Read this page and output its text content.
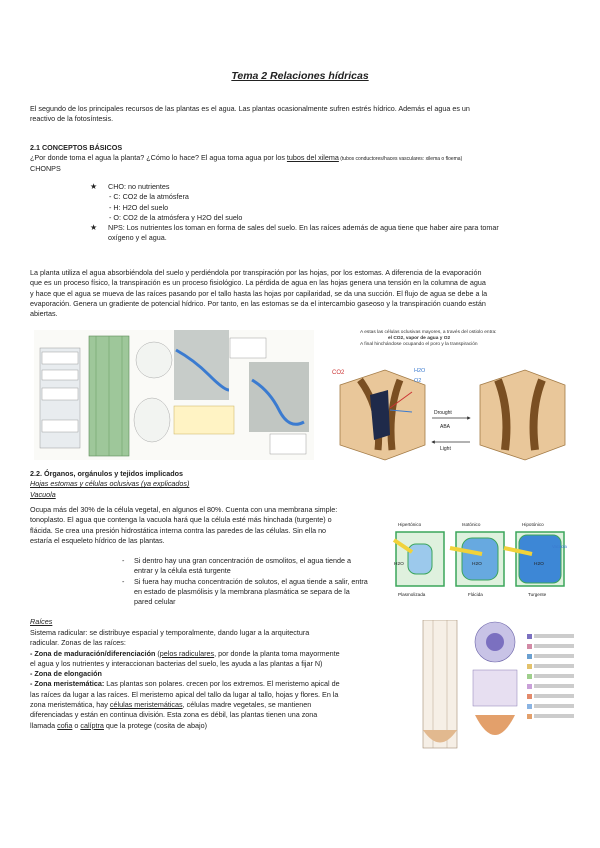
Tema 2 Relaciones hídricas
El segundo de los principales recursos de las plantas es el agua. Las plantas ocasionalmente sufren estrés hídrico. Además el agua es un
reactivo de la fotosíntesis.
2.1 CONCEPTOS BÁSICOS
¿Por donde toma el agua la planta? ¿Cómo lo hace? El agua toma agua por los tubos del xilema (tubos conductores/haces vasculares: xilema o floema)
CHONPS
★ CHO: no nutrientes
- C: CO2 de la atmósfera
- H: H2O del suelo
- O: CO2 de la atmósfera y H2O del suelo
★ NPS: Los nutrientes los toman en forma de sales del suelo. En las raíces además de agua tiene que haber aire para tomar
oxígeno y el agua.
La planta utiliza el agua absorbiéndola del suelo y perdiéndola por transpiración por las hojas, por los estomas. A diferencia de la evaporación
que es un proceso físico, la transpiración es un proceso fisiológico. La pérdida de agua en las hojas genera una tensión en la columna de agua
y hace que el agua se mueva de las raíces pasando por el tallo hasta las hojas por capilaridad, se da una succión. El flujo de agua se debe a la
evaporación. Genera un gradiente de potencial hídrico. Por tanto, en las estomas se da el intercambio gaseoso y la transpiración cuando están
abiertas.
A estas las células oclusivas mayores, a través del ostiolo entra:
el CO2, vapor de agua y O2
A final hinchándose ocupando el poro y la transpiración
CO2	H2O
O2
Drought
ABA
Light
2.2. Órganos, orgánulos y tejidos implicados
Hojas estomas y células oclusivas (ya explicados)
Vacuola
Ocupa más del 30% de la célula vegetal, en algunos el 80%. Cuenta con una membrana simple:
tonoplasto. El agua que contenga la vacuola hará que la célula esté más hinchada (turgente) o
flácida. Se crea una presión hidrostática interna contra las paredes de las células. Sin ella no
estaría el esqueleto hídrico de las plantas.
- Si dentro hay una gran concentración de osmolitos, el agua tiende a
entrar y la célula está turgente
- Si fuera hay mucha concentración de solutos, el agua tiende a salir, entra
en estado de plasmólisis y la membrana plasmática se separa de la
pared celular
Hipertónico	Isotónico	Hipotónico
H2O	H2O	H2O
Vacuola
Plasmolizada	Flácida	Turgente
Raíces
Sistema radicular: se distribuye espacial y temporalmente, dando lugar a la arquitectura
radicular. Zonas de las raíces:
- Zona de maduración/diferenciación (pelos radiculares, por donde la planta toma mayormente
el agua y los nutrientes y interaccionan bacterias del suelo, les ayuda a las plantas a fijar N)
- Zona de elongación
- Zona meristemática: Las plantas son polares. crecen por los extremos. El meristemo apical de
las raíces da lugar a las raíces. El meristemo apical del tallo da lugar al tallo, hojas y flores. En la
zona meristemática, hay células meristemáticas, células madre vegetales, se mantienen
diferenciadas y están en continua división. Esta zona es débil, las plantas tienen una zona
llamada cofia o calíptra que la protege (cosita de abajo)
